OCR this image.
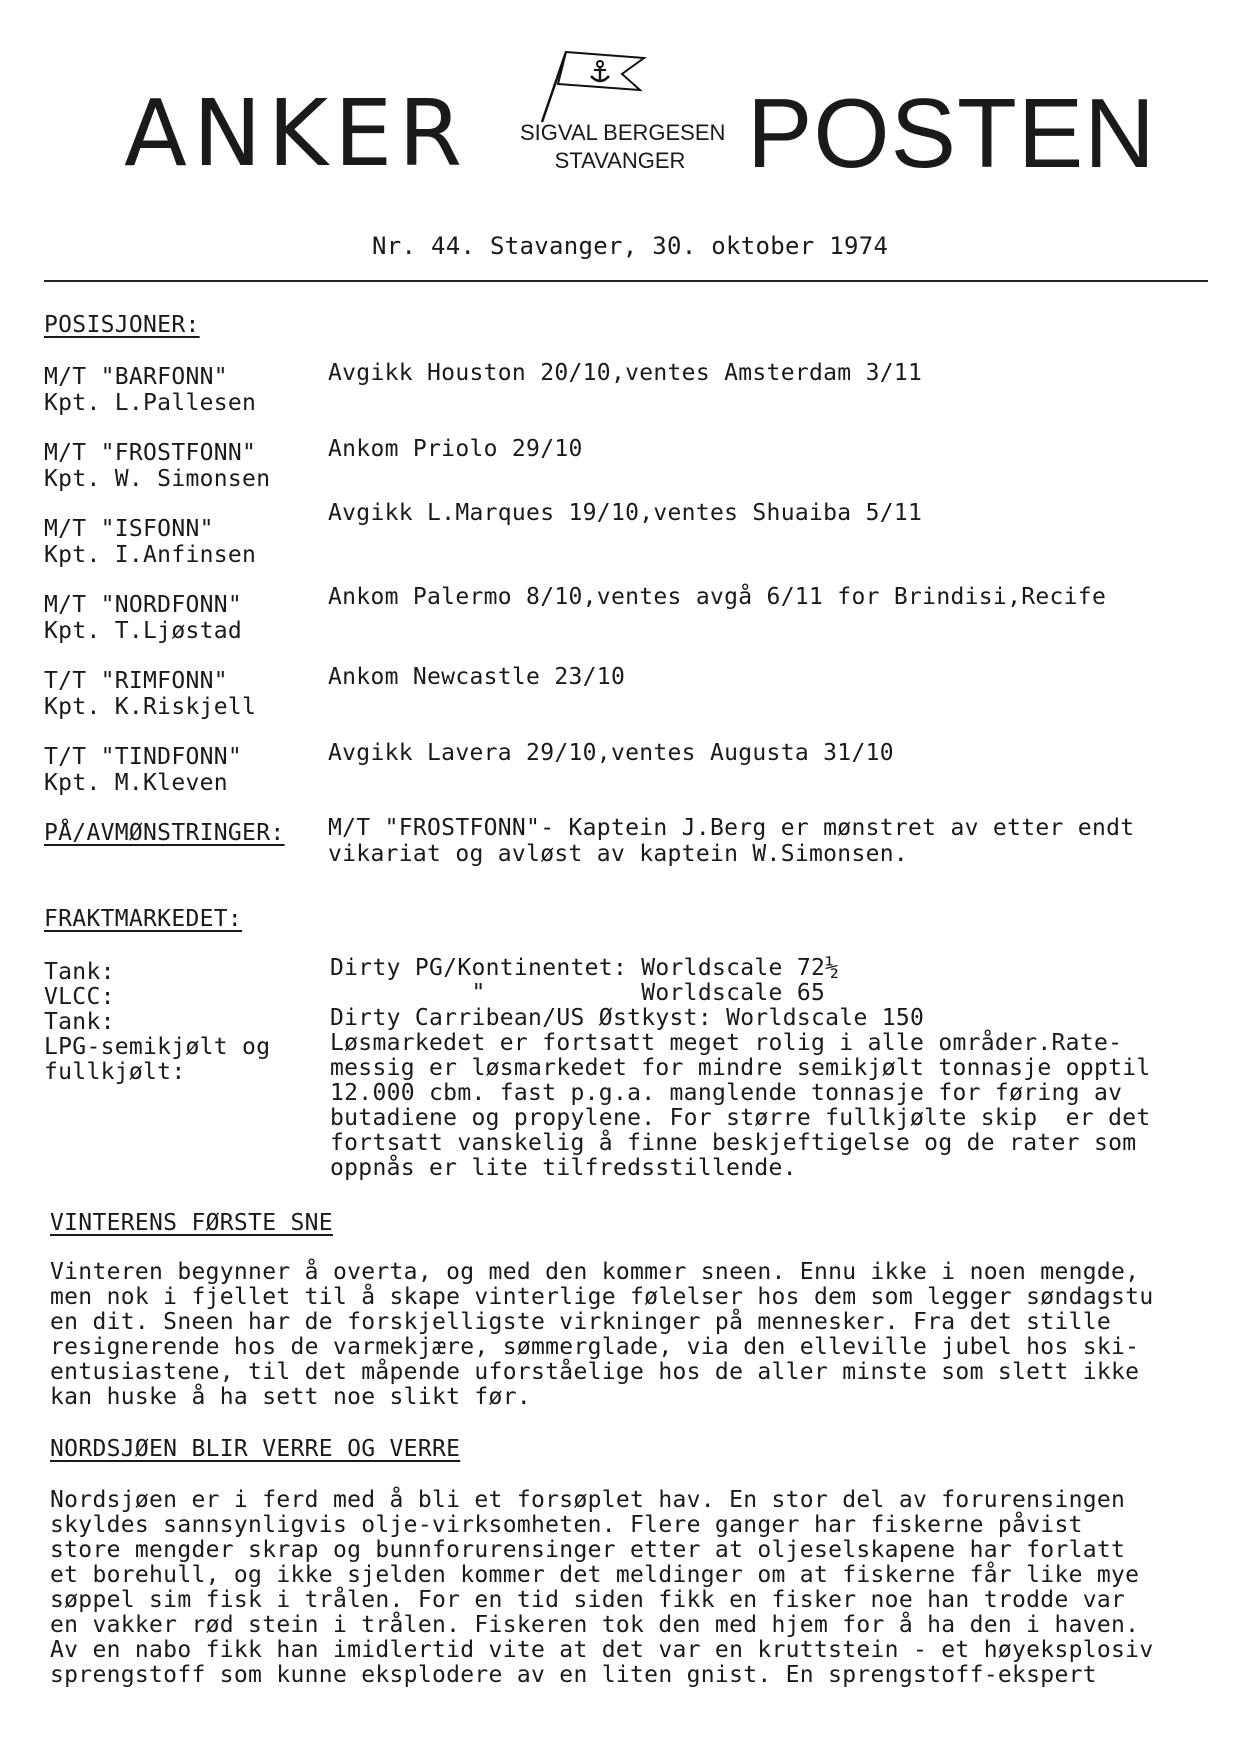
ANKER SIGVAL BERGESEN
STAVANGER POSTEN
Nr. 44. Stavanger, 30. oktober 1974
POSISJONER:
M/T "BARFONN"
Kpt. L.Pallesen
Avgikk Houston 20/10,ventes Amsterdam 3/11
M/T "FROSTFONN"
Kpt. W. Simonsen
Ankom Priolo 29/10
M/T "ISFONN"
Kpt. I.Anfinsen
Avgikk L.Marques 19/10,ventes Shuaiba 5/11
M/T "NORDFONN"
Kpt. T.Ljøstad
Ankom Palermo 8/10,ventes avgå 6/11 for Brindisi,Recife
T/T "RIMFONN"
Kpt. K.Riskjell
Ankom Newcastle 23/10
T/T "TINDFONN"
Kpt. M.Kleven
Avgikk Lavera 29/10,ventes Augusta 31/10
PÅ/AVMØNSTRINGER: M/T "FROSTFONN"- Kaptein J.Berg er mønstret av etter endt
vikariat og avløst av kaptein W.Simonsen.
FRAKTMARKEDET:
Tank:
VLCC:
Tank:
LPG-semikjølt og
fullkjølt:
Dirty PG/Kontinentet: Worldscale 72½
"           Worldscale 65
Dirty Carribean/US Østkyst: Worldscale 150
Løsmarkedet er fortsatt meget rolig i alle områder.Rate-
messig er løsmarkedet for mindre semikjølt tonnasje opptil
12.000 cbm. fast p.g.a. manglende tonnasje for føring av
butadiene og propylene. For større fullkjølte skip  er det
fortsatt vanskelig å finne beskjeftigelse og de rater som
oppnås er lite tilfredsstillende.
VINTERENS FØRSTE SNE
Vinteren begynner å overta, og med den kommer sneen. Ennu ikke i noen mengde,
men nok i fjellet til å skape vinterlige følelser hos dem som legger søndagstu
en dit. Sneen har de forskjelligste virkninger på mennesker. Fra det stille
resignerende hos de varmekjære, sømmerglade, via den elleville jubel hos ski-
entusiastene, til det måpende uforståelige hos de aller minste som slett ikke
kan huske å ha sett noe slikt før.
NORDSJØEN BLIR VERRE OG VERRE
Nordsjøen er i ferd med å bli et forsøplet hav. En stor del av forurensingen
skyldes sannsynligvis olje-virksomheten. Flere ganger har fiskerne påvist
store mengder skrap og bunnforurensinger etter at oljeselskapene har forlatt
et borehull, og ikke sjelden kommer det meldinger om at fiskerne får like mye
søppel sim fisk i trålen. For en tid siden fikk en fisker noe han trodde var
en vakker rød stein i trålen. Fiskeren tok den med hjem for å ha den i haven.
Av en nabo fikk han imidlertid vite at det var en kruttstein - et høyeksplosiv
sprengstoff som kunne eksplodere av en liten gnist. En sprengstoff-ekspert
